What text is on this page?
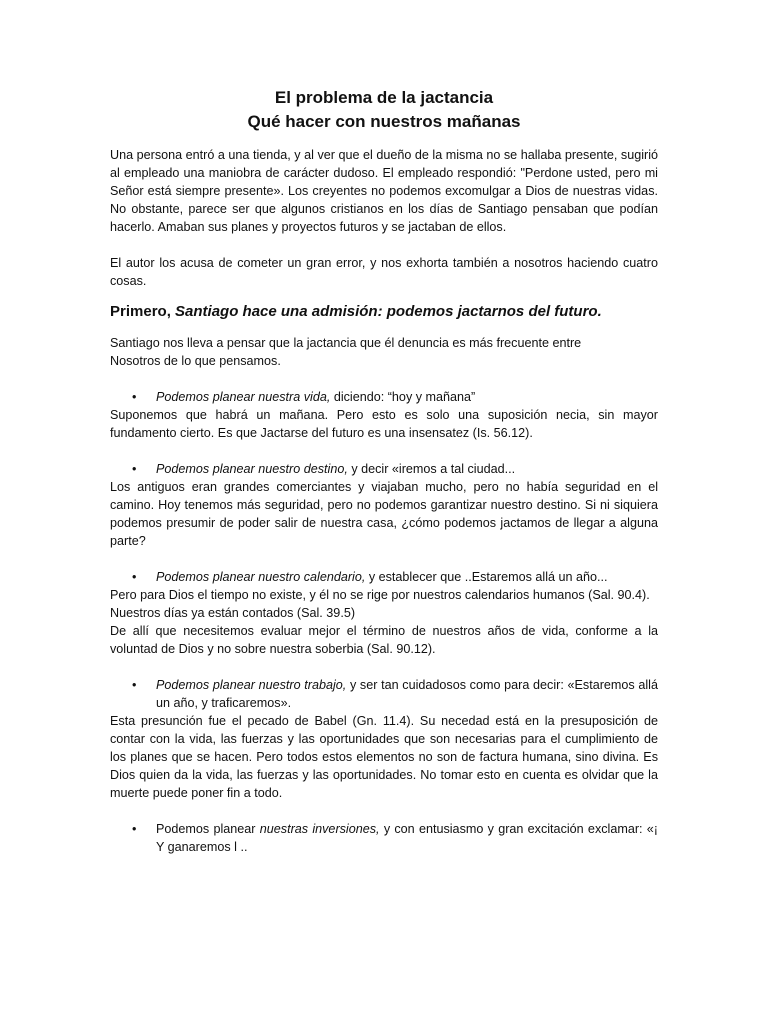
El problema de la jactancia
Qué hacer con nuestros mañanas

Una persona entró a una tienda, y al ver que el dueño de la misma no se hallaba presente, sugirió al empleado una maniobra de carácter dudoso. El empleado respondió: "Perdone usted, pero mi Señor está siempre presente». Los creyentes no podemos excomulgar a Dios de nuestras vidas. No obstante, parece ser que algunos cristianos en los días de Santiago pensaban que podían hacerlo. Amaban sus planes y proyectos futuros y se jactaban de ellos.

El autor los acusa de cometer un gran error, y nos exhorta también a nosotros haciendo cuatro cosas.

Primero, Santiago hace una admisión: podemos jactarnos del futuro.

Santiago nos lleva a pensar que la jactancia que él denuncia es más frecuente entre

Nosotros de lo que pensamos.

• Podemos planear nuestra vida, diciendo: “hoy y mañana”

Suponemos que habrá un mañana. Pero esto es solo una suposición necia, sin mayor fundamento cierto. Es que Jactarse del futuro es una insensatez (Is. 56.12).

• Podemos planear nuestro destino, y decir «iremos a tal ciudad...

Los antiguos eran grandes comerciantes y viajaban mucho, pero no había seguridad en el camino. Hoy tenemos más seguridad, pero no podemos garantizar nuestro destino. Si ni siquiera podemos presumir de poder salir de nuestra casa, ¿cómo podemos jactamos de llegar a alguna parte?

• Podemos planear nuestro calendario, y establecer que ..Estaremos allá un año...

Pero para Dios el tiempo no existe, y él no se rige por nuestros calendarios humanos (Sal. 90.4).

Nuestros días ya están contados (Sal. 39.5)

De allí que necesitemos evaluar mejor el término de nuestros años de vida, conforme a la voluntad de Dios y no sobre nuestra soberbia (Sal. 90.12).

• Podemos planear nuestro trabajo, y ser tan cuidadosos como para decir: «Estaremos allá un año, y traficaremos».

Esta presunción fue el pecado de Babel (Gn. 11.4). Su necedad está en la presuposición de contar con la vida, las fuerzas y las oportunidades que son necesarias para el cumplimiento de los planes que se hacen. Pero todos estos elementos no son de factura humana, sino divina. Es Dios quien da la vida, las fuerzas y las oportunidades. No tomar esto en cuenta es olvidar que la muerte puede poner fin a todo.

• Podemos planear nuestras inversiones, y con entusiasmo y gran excitación exclamar: «¡ Y ganaremos l ..
